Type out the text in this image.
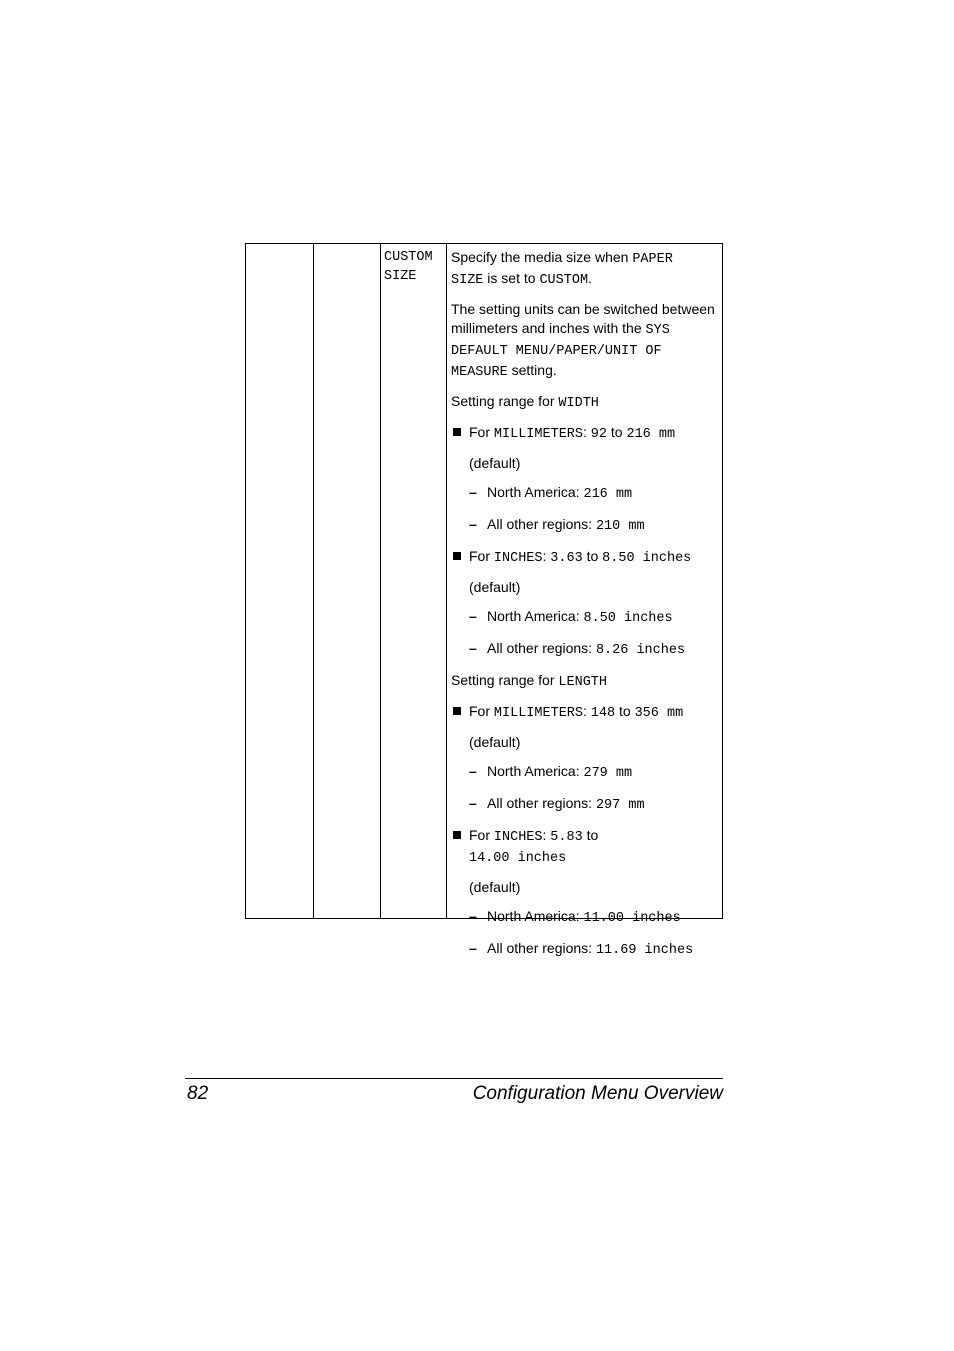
CUSTOM
SIZE
Specify the media size when PAPER
SIZE is set to CUSTOM.
The setting units can be switched between millimeters and inches with the SYS
DEFAULT MENU/PAPER/UNIT OF
MEASURE setting.
Setting range for WIDTH
For MILLIMETERS: 92 to 216 mm
(default)
– North America: 216 mm
– All other regions: 210 mm
For INCHES: 3.63 to 8.50 inches
(default)
– North America: 8.50 inches
– All other regions: 8.26 inches
Setting range for LENGTH
For MILLIMETERS: 148 to 356 mm
(default)
– North America: 279 mm
– All other regions: 297 mm
For INCHES: 5.83 to
14.00 inches
(default)
– North America: 11.00 inches
– All other regions: 11.69 inches
82	Configuration Menu Overview
